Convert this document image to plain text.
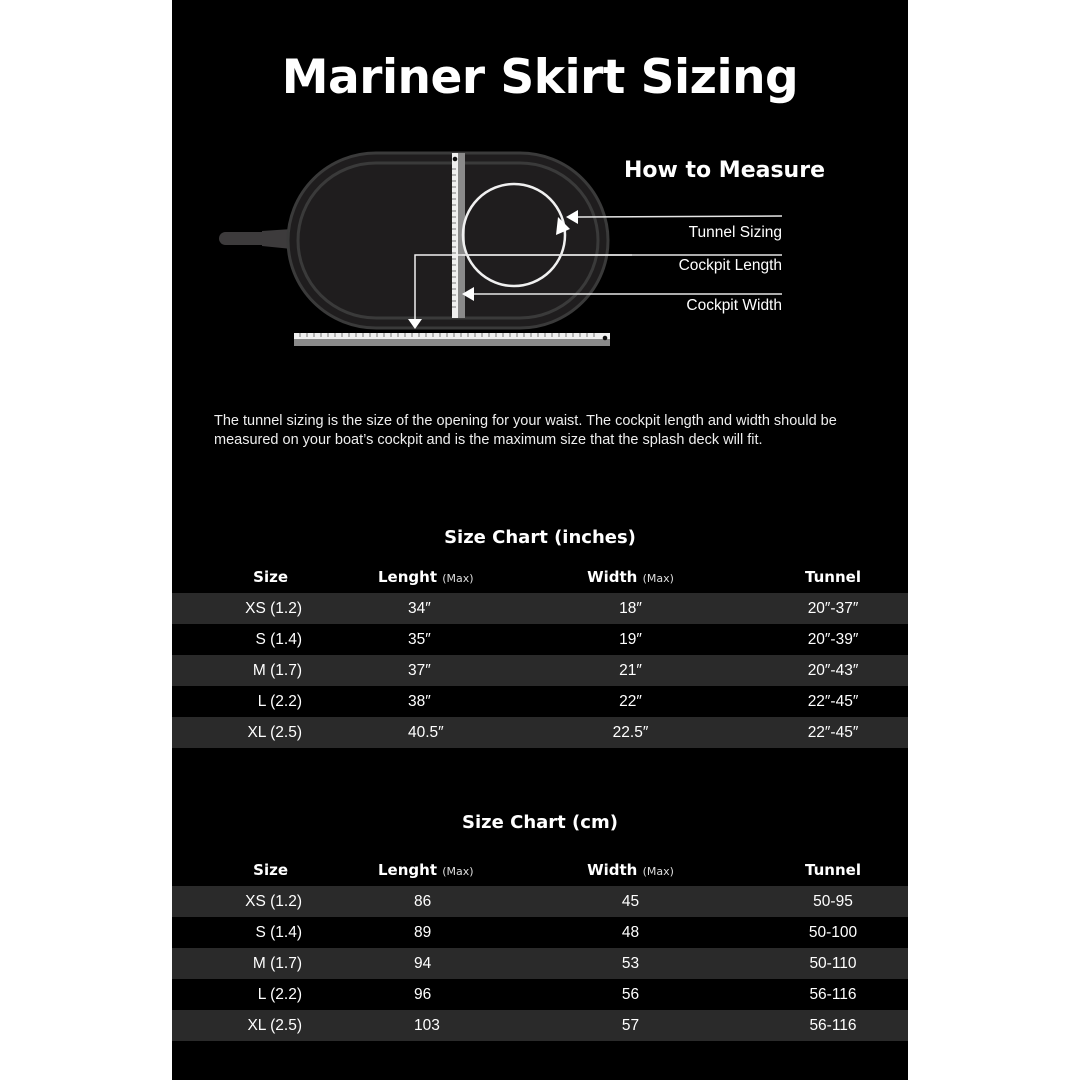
Mariner Skirt Sizing
How to Measure
Tunnel Sizing
Cockpit Length
Cockpit Width
The tunnel sizing is the size of the opening for your waist. The cockpit length and width should be measured on your boat’s cockpit and is the maximum size that the splash deck will fit.
Size Chart (inches)
Size	Lenght (Max)	Width (Max)	Tunnel
XS (1.2)	34″	18″	20″-37″
S (1.4)	35″	19″	20″-39″
M (1.7)	37″	21″	20″-43″
L (2.2)	38″	22″	22″-45″
XL (2.5)	40.5″	22.5″	22″-45″
Size Chart (cm)
Size	Lenght (Max)	Width (Max)	Tunnel
XS (1.2)	86	45	50-95
S (1.4)	89	48	50-100
M (1.7)	94	53	50-110
L (2.2)	96	56	56-116
XL (2.5)	103	57	56-116
